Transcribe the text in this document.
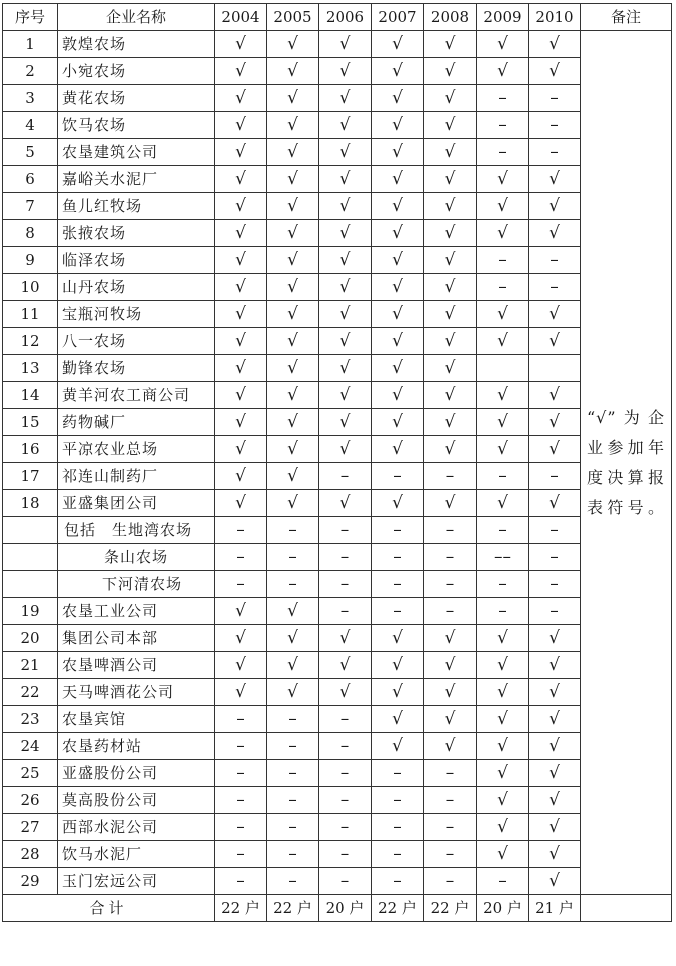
序号	企业名称	2004	2005	2006	2007	2008	2009	2010	备注
1	敦煌农场	√	√	√	√	√	√	√	“√”为企业参加年度决算报表符号。
2	小宛农场	√	√	√	√	√	√	√	
3	黄花农场	√	√	√	√	√	–	–	
4	饮马农场	√	√	√	√	√	–	–	
5	农垦建筑公司	√	√	√	√	√	–	–	
6	嘉峪关水泥厂	√	√	√	√	√	√	√	
7	鱼儿红牧场	√	√	√	√	√	√	√	
8	张掖农场	√	√	√	√	√	√	√	
9	临泽农场	√	√	√	√	√	–	–	
10	山丹农场	√	√	√	√	√	–	–	
11	宝瓶河牧场	√	√	√	√	√	√	√	
12	八一农场	√	√	√	√	√	√	√	
13	勤锋农场	√	√	√	√	√			
14	黄羊河农工商公司	√	√	√	√	√	√	√	
15	药物碱厂	√	√	√	√	√	√	√	
16	平凉农业总场	√	√	√	√	√	√	√	
17	祁连山制药厂	√	√	–	–	–	–	–	
18	亚盛集团公司	√	√	√	√	√	√	√	
	包括　生地湾农场	–	–	–	–	–	–	–	
	条山农场	–	–	–	–	–	––	–	
	下河清农场	–	–	–	–	–	–	–	
19	农垦工业公司	√	√	–	–	–	–	–	
20	集团公司本部	√	√	√	√	√	√	√	
21	农垦啤酒公司	√	√	√	√	√	√	√	
22	天马啤酒花公司	√	√	√	√	√	√	√	
23	农垦宾馆	–	–	–	√	√	√	√	
24	农垦药材站	–	–	–	√	√	√	√	
25	亚盛股份公司	–	–	–	–	–	√	√	
26	莫高股份公司	–	–	–	–	–	√	√	
27	西部水泥公司	–	–	–	–	–	√	√	
28	饮马水泥厂	–	–	–	–	–	√	√	
29	玉门宏远公司	–	–	–	–	–	–	√	
合计		22 户	22 户	20 户	22 户	22 户	20 户	21 户	
